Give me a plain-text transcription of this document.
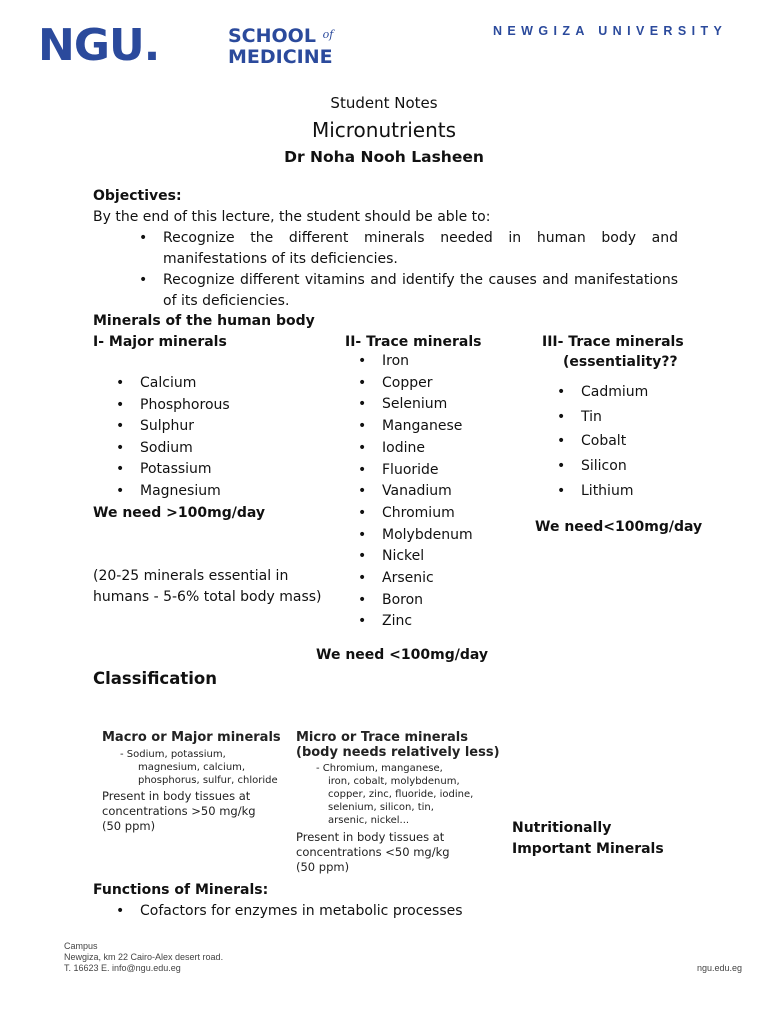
NGU.	SCHOOL $^{of}$
MEDICINE
NEWGIZA UNIVERSITY
Student Notes
Micronutrients
Dr Noha Nooh Lasheen
Objectives:
By the end of this lecture, the student should be able to:
• Recognize the different minerals needed in human body and manifestations of its deficiencies.
• Recognize different vitamins and identify the causes and manifestations of its deficiencies.
Minerals of the human body
I- Major minerals
• Calcium
• Phosphorous
• Sulphur
• Sodium
• Potassium
• Magnesium
We need >100mg/day
(20-25 minerals essential in humans - 5-6% total body mass)
II- Trace minerals
• Iron
• Copper
• Selenium
• Manganese
• Iodine
• Fluoride
• Vanadium
• Chromium
• Molybdenum
• Nickel
• Arsenic
• Boron
• Zinc
We need <100mg/day
III- Trace minerals
(essentiality??
• Cadmium
• Tin
• Cobalt
• Silicon
• Lithium
We need<100mg/day
Classification
Macro or Major minerals
- Sodium, potassium,
magnesium, calcium,
phosphorus, sulfur, chloride
Present in body tissues at
concentrations >50 mg/kg
(50 ppm)
Micro or Trace minerals
(body needs relatively less)
- Chromium, manganese,
iron, cobalt, molybdenum,
copper, zinc, fluoride, iodine,
selenium, silicon, tin,
arsenic, nickel...
Present in body tissues at
concentrations <50 mg/kg
(50 ppm)
Nutritionally
Important Minerals
Functions of Minerals:
• Cofactors for enzymes in metabolic processes
Campus
Newgiza, km 22 Cairo-Alex desert road.
T. 16623 E. info@ngu.edu.eg	ngu.edu.eg
